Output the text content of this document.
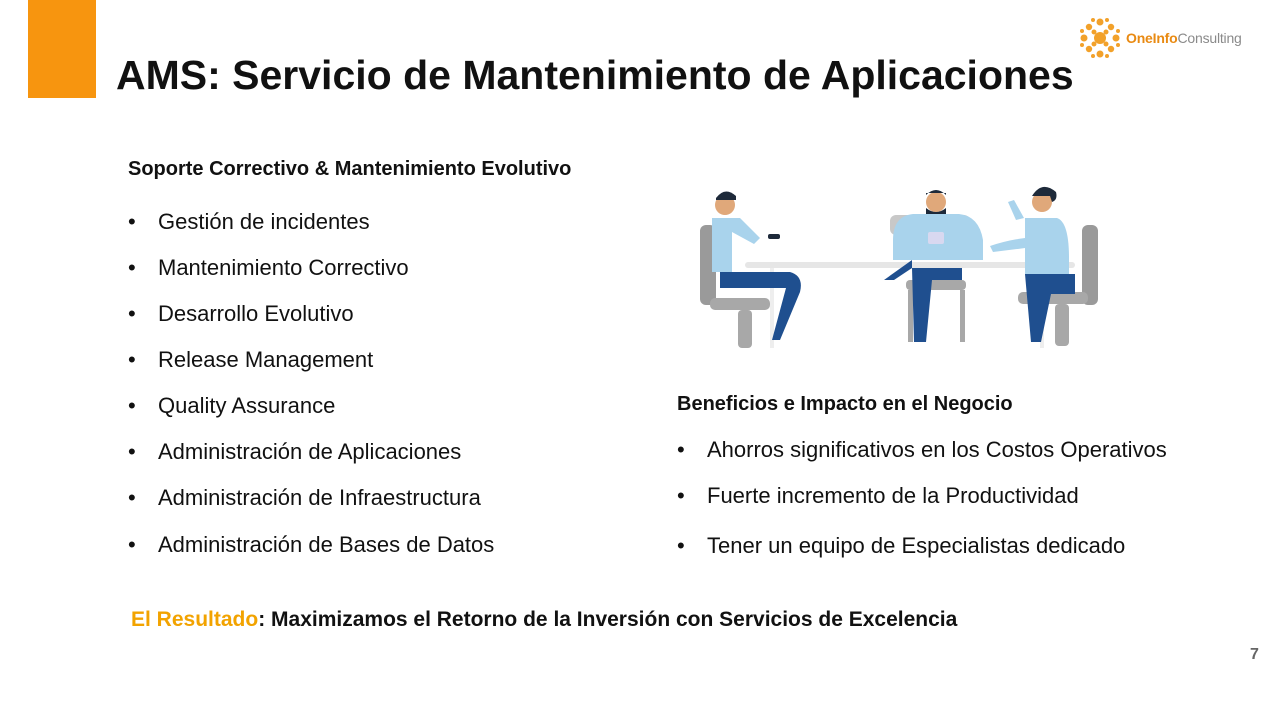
OneInfoConsulting
AMS: Servicio de Mantenimiento de Aplicaciones
Soporte Correctivo & Mantenimiento Evolutivo
• Gestión de incidentes
• Mantenimiento Correctivo
• Desarrollo Evolutivo
• Release Management
• Quality Assurance
• Administración de Aplicaciones
• Administración de Infraestructura
• Administración de Bases de Datos
Beneficios e Impacto en el Negocio
• Ahorros significativos en los Costos Operativos
• Fuerte incremento de la Productividad
• Tener un equipo de Especialistas dedicado
El Resultado: Maximizamos el Retorno de la Inversión con Servicios de Excelencia
7
